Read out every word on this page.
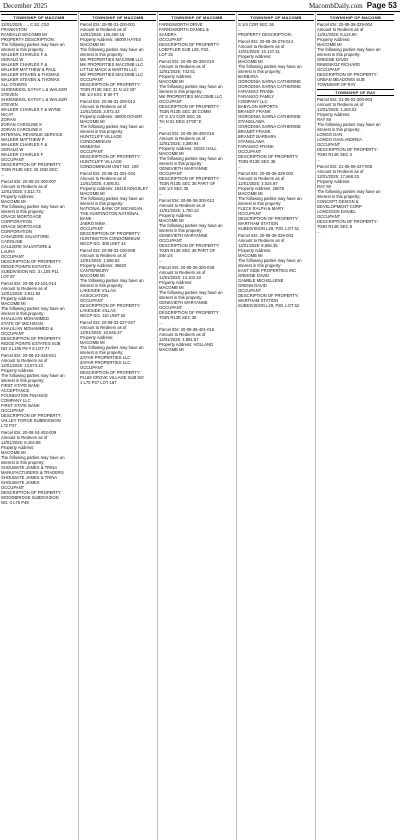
December 2025	MacombDaily.com Page 53
TOWNSHIP OF MACOMB
12/01/2025 ..... C 52: C53
FRANKSTON
RANDALD MACOMB MI
PROPERTY DESCRIPTION:
The following parties may have an interest in this property:
WALKER CHARLES F &
GERALD W
WALKER CHARLES F &
WALKER MATTHEW & PAUL
WALKER STEVEN & THOMAS
WALKER STEVEN & THOMAS
ALL OTHERS
SHOENEKKL KATHY L & WALKER
STEVEN
SHOENEKKL KATHY L & WALKER
STEVEN
WALKER CHARLES F & WYNE
NICAT
ZORAN
ZORAN CAROLINE K
ZORAN CAROLINE K
INTERNAL REVENUE SERVICE
WALKER MATTHEW P
WALKER CHARLES F &
GERALD W
WALKER CHARLES F
OCCUPANT
DESCRIPTION OF PROPERTY:
T03N R13E SEC 25 2ND SEC
...
Parcel IDs: 20-08-22-400-007
Amount to Redeem as of
12/01/2025: 4,512.73
Property Address:
MACOMB MI
The following parties may have an interest in this property:
GRACE MORTGAGE
CORPORATION
GRACE MORTGAGE
CORPORATION
CANAZERE SALVATORE
CAROLINE
CAULIERE SALVATORE &
LAURA
OCCUPANT
DESCRIPTION OF PROPERTY:
RIDGE POINTE ESTATES
SUBDIVISION NO. 3 L105 P11
LOT 87
Parcel IDs: 20-08-23-101-014
Amount to Redeem as of
12/01/2025: 3,811.92
Property Address:
MACOMB MI
The following parties may have an interest in this property:
KHALILIAN MOHAMMED
STATE OF MICHIGAN
KHALILIAN MOHAMMED &
OCCUPANT
DESCRIPTION OF PROPERTY:
RIDGE POINTE ESTATES SUB
NO 3 L105 P8 # 8 LOT 77
Parcel IDs: 20-08-23-426-021
Amount to Redeem as of
12/01/2025: 13,573.23
Property Address:
The following parties may have an interest in this property:
FIRST STATE BANK
ACCEPTANCE
FOUNDATION FINANCE
COMPANY LLC
FIRST STATE BANK
OCCUPANT
DESCRIPTION OF PROPERTY:
VALLEY FORGE SUBDIVISION
L72 P27
Parcel IDs: 20-08-24-402-009
Amount to Redeem as of
12/01/2025: 8,404.98
Property Address:
MACOMB MI
The following parties may have an interest in this property:
SHOUMATE JAMES & TRINA
MANUFACTURERS & TRADERS
SHOUMATE JAMES & TRINA
SHOUMATE JAMES
OCCUPANT
DESCRIPTION OF PROPERTY:
WOODBRIDGE SUBDIVISION
NO. 3 L75 P48
TOWNSHIP OF MACOMB
Parcel IDs: 20-08-31-200-001
Amount to Redeem as of
12/01/2025: 125,490.16
Property Address: 46000 HAYES
MACOMB MI
The following parties may have an interest in this property:
MK PROPERTIES MACOMB LLC
MK PROPERTIES MACOMB LLC
LITTLE MACK & MARTIN LLC
MK PROPERTIES MACOMB LLC
OCCUPANT
DESCRIPTION OF PROPERTY:
T03N R13E SEC 31 N 1/2 OF
NE 1/4 EXC E 60 FT
Parcel IDs: 20-08-31-200-012
Amount to Redeem as of
12/01/2025: 3,873.42
Property Address: 46000 DOVER
MACOMB MI
The following parties may have an interest in this property:
HUNTCLIFF VILLAGE
CONDOMINIUM
WISBIANA
OCCUPANT
DESCRIPTION OF PROPERTY:
HUNTCLIFF VILLAGE
CONDOMINIUM UNIT NO. 100
Parcel IDs: 20-08-31-301-044
Amount to Redeem as of
12/01/2025: 4,506.01
Property Address: 16418 KINGSLEY
MACOMB MI
The following parties may have an interest in this property:
NATIONAL BANK OF MICHIGAN
THE HUNTINGTON NATIONAL
BANK
JABRO MINA
OCCUPANT
DESCRIPTION OF PROPERTY:
HUNTINGTON CONDOMINIUM
MCCP NO. 306 UNIT 44
Parcel IDs: 20-08-32-100-008
Amount to Redeem as of
12/01/2025: 1,066.52
Property Address: 46620 CANTERBURY
MACOMB MI
The following parties may have an interest in this property:
LAKESIDE VILLAS
ASSOCIATION
OCCUPANT
DESCRIPTION OF PROPERTY:
LAKESIDE VILLAS
MCCP NO. 110 UNIT 52
Parcel IDs: 20-08-32-227-027
Amount to Redeem as of
12/01/2025: 10,645.47
Property Address:
MACOMB MI
The following parties may have an interest in this property:
ZAFAR PROPERTIES LLC
ZAFAR PROPERTIES LLC
OCCUPANT
DESCRIPTION OF PROPERTY:
PLUM GROVE VILLAGE SUB NO
1 L70 P37 LOT 167
TOWNSHIP OF MACOMB
FARNSWORTH DRIVE
FARNSWORTH DANIEL &
SANDRA
OCCUPANT
DESCRIPTION OF PROPERTY:
LOEFFLER SUB L28, P32,
LOT 25
Parcel IDs: 20-08-35-300-010
Amount to Redeem as of
12/01/2025: 742.61
Property Address:
MACOMB MI
The following parties may have an interest in this property:
MK PROPERTIES MACOMB LLC
OCCUPANT
DESCRIPTION OF PROPERTY:
T03N R13E SEC 35 COMM
AT S 1/4 COR SEC 35
TH N 01 DEG 47'00" E
...
Parcel IDs: 20-08-35-400-016
Amount to Redeem as of
12/01/2025: 3,380.94
Property Address: 22021 HALL
MACOMB MI
The following parties may have an interest in this property:
GENEVIETH MARYANNE
OCCUPANT
DESCRIPTION OF PROPERTY:
T03N R13E SEC 35 PART OF
SW 1/4 SEC 35
...
Parcel IDs: 20-08-36-300-012
Amount to Redeem as of
12/01/2025: 1,760.10
Property Address:
MACOMB MI
The following parties may have an interest in this property:
GENEVIETH MARYANNE
OCCUPANT
DESCRIPTION OF PROPERTY:
T03N R13E SEC 36 PART OF
SW 1/4
...
Parcel IDs: 20-08-36-300-038
Amount to Redeem as of
12/01/2025: 13,102.33
Property Address:
MACOMB MI
The following parties may have an interest in this property:
GENEVIETH MARYANNE
OCCUPANT
DESCRIPTION OF PROPERTY:
T03N R13E SEC 36
...
Parcel IDs: 20-08-36-401-016
Amount to Redeem as of
12/01/2025: 4,881.57
Property Address: HOLLAND
MACOMB MI
TOWNSHIP OF MACOMB
S 1/4 COR SEC 36
...
PROPERTY DESCRIPTION:
Parcel IDs: 20-08-36-276-014
Amount to Redeem as of
12/01/2025: 10,137.31
Property Address:
MACOMB MI
The following parties may have an interest in this property:
BARBARA
OGRODNIA SARNA CATHERINE
OGRODNIA SARNA CATHERINE
FARANGO FRANK
FARANGO FAMILY
COMPANY LLC
BABYLON IMPORTS
BRANDT FRANK
OGRODNIA SARNA CATHERINE
STANISLAWA
OGRODNIA SARNA CATHERINE
BRANDT FRANK
BRANDT BARBARA
STANISLAWA
FARANGO FRANK
OCCUPANT
DESCRIPTION OF PROPERTY:
T03N R13E SEC 36
...
Parcel IDs: 20-08-36-328-002
Amount to Redeem as of
12/01/2025: 4,024.97
Property Address: 25078
MACOMB MI
The following parties may have an interest in this property:
FLECK RALPH & MARY
OCCUPANT
DESCRIPTION OF PROPERTY:
WARTHAM STATION
SUBDIVISION L29, P30, LOT 51
Parcel IDs: 20-08-36-329-003
Amount to Redeem as of
12/01/2025: 8,556.35
Property Address:
MACOMB MI
The following parties may have an interest in this property:
EAST SIDE PROPERTIES INC
GREENE DAVID
GAMBLE MICHELLENE
GRENN DAVID
OCCUPANT
DESCRIPTION OF PROPERTY:
WARTHAM STATION
SUBDIVISION L29, P30, LOT 52
TOWNSHIP OF MACOMB
Parcel IDs: 20-08-36-329-004
Amount to Redeem as of
12/01/2025: 8,124.90
Property Address:
MACOMB MI
The following parties may have an interest in this property:
GREENE DAVID
RINIENKOZ RICHARD
OCCUPANT
DESCRIPTION OF PROPERTY:
URBAN MEADOWS SUB
TOWNSHIP OF RAY
TOWNSHIP OF RAY
Parcel IDs: 21-05-02-300-003
Amount to Redeem as of
12/01/2025: 1,403.02
Property Address:
RAY MI
The following parties may have an interest in this property:
LONGO DAN
LONGO GIAN ANDREA
OCCUPANT
DESCRIPTION OF PROPERTY:
T04N R14E SEC 2
...
Parcel IDs: 21-05-06-427-009
Amount to Redeem as of
12/01/2025: 17,668.33
Property Address:
RAY MI
The following parties may have an interest in this property:
CONCEPT DESIGN &
DEVELOPMENT CORP
LONGOGIN DANIEL
OCCUPANT
DESCRIPTION OF PROPERTY:
T04N R14E SEC 6
...
